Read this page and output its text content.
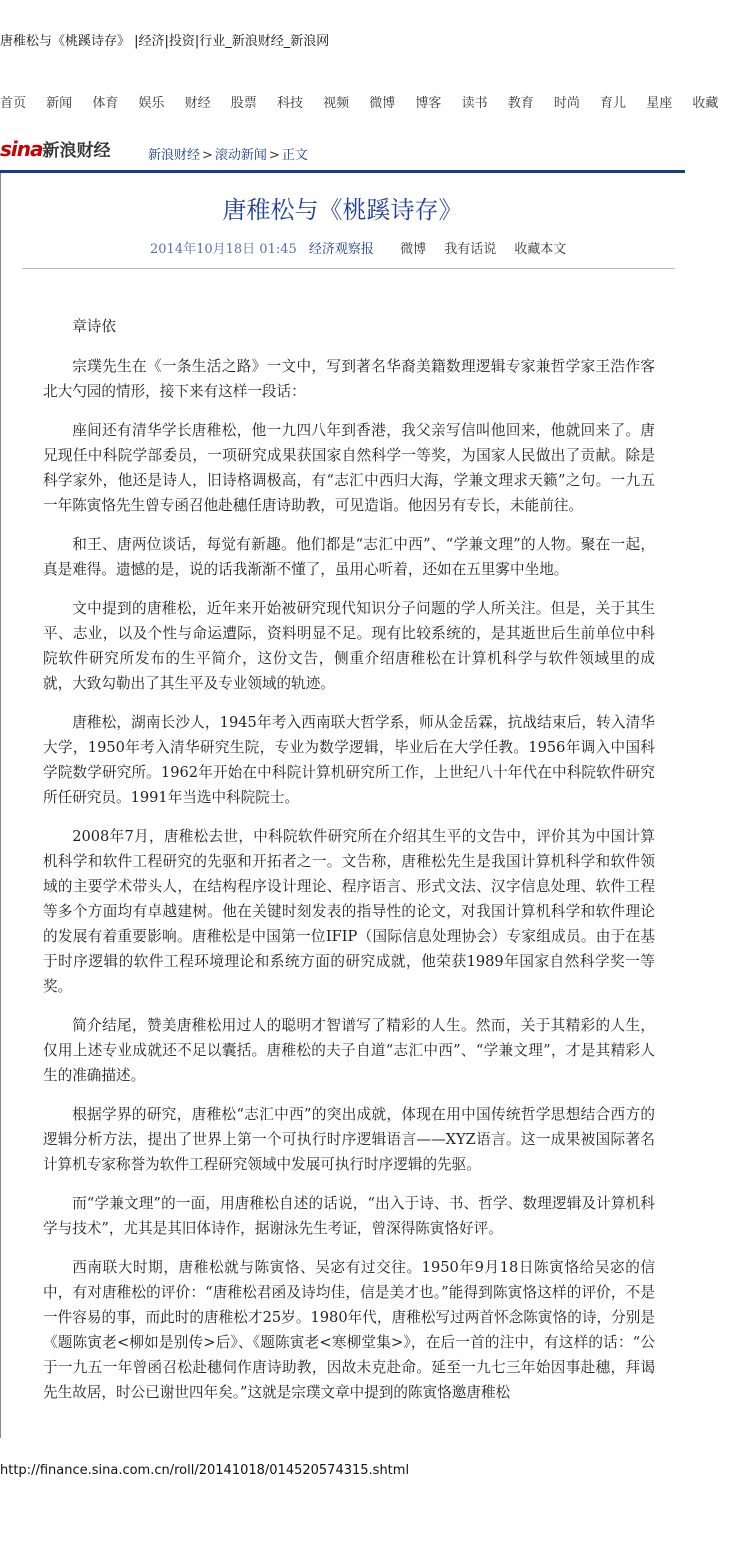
唐稚松与《桃蹊诗存》 |经济|投资|行业_新浪财经_新浪网
首页 新闻 体育 娱乐 财经 股票 科技 视频 微博 博客 读书 教育 时尚 育儿 星座 收藏
sina新浪财经	新浪财经 > 滚动新闻 > 正文
唐稚松与《桃蹊诗存》
2014年10月18日 01:45 经济观察报 微博 我有话说 收藏本文

章诗依

宗璞先生在《一条生活之路》一文中，写到著名华裔美籍数理逻辑专家兼哲学家王浩作客北大勺园的情形，接下来有这样一段话：

座间还有清华学长唐稚松，他一九四八年到香港，我父亲写信叫他回来，他就回来了。唐兄现任中科院学部委员，一项研究成果获国家自然科学一等奖，为国家人民做出了贡献。除是科学家外，他还是诗人，旧诗格调极高，有“志汇中西归大海，学兼文理求天籁”之句。一九五一年陈寅恪先生曾专函召他赴穗任唐诗助教，可见造诣。他因另有专长，未能前往。

和王、唐两位谈话，每觉有新趣。他们都是“志汇中西”、“学兼文理”的人物。聚在一起，真是难得。遗憾的是，说的话我渐渐不懂了，虽用心听着，还如在五里雾中坐地。

文中提到的唐稚松，近年来开始被研究现代知识分子问题的学人所关注。但是，关于其生平、志业，以及个性与命运遭际，资料明显不足。现有比较系统的，是其逝世后生前单位中科院软件研究所发布的生平简介，这份文告，侧重介绍唐稚松在计算机科学与软件领域里的成就，大致勾勒出了其生平及专业领域的轨迹。

唐稚松，湖南长沙人，1945年考入西南联大哲学系，师从金岳霖，抗战结束后，转入清华大学，1950年考入清华研究生院，专业为数学逻辑，毕业后在大学任教。1956年调入中国科学院数学研究所。1962年开始在中科院计算机研究所工作，上世纪八十年代在中科院软件研究所任研究员。1991年当选中科院院士。

2008年7月，唐稚松去世，中科院软件研究所在介绍其生平的文告中，评价其为中国计算机科学和软件工程研究的先驱和开拓者之一。文告称，唐稚松先生是我国计算机科学和软件领域的主要学术带头人，在结构程序设计理论、程序语言、形式文法、汉字信息处理、软件工程等多个方面均有卓越建树。他在关键时刻发表的指导性的论文，对我国计算机科学和软件理论的发展有着重要影响。唐稚松是中国第一位IFIP（国际信息处理协会）专家组成员。由于在基于时序逻辑的软件工程环境理论和系统方面的研究成就，他荣获1989年国家自然科学奖一等奖。

简介结尾，赞美唐稚松用过人的聪明才智谱写了精彩的人生。然而，关于其精彩的人生，仅用上述专业成就还不足以囊括。唐稚松的夫子自道“志汇中西”、“学兼文理”，才是其精彩人生的准确描述。

根据学界的研究，唐稚松“志汇中西”的突出成就，体现在用中国传统哲学思想结合西方的逻辑分析方法，提出了世界上第一个可执行时序逻辑语言——XYZ语言。这一成果被国际著名计算机专家称誉为软件工程研究领域中发展可执行时序逻辑的先驱。

而“学兼文理”的一面，用唐稚松自述的话说，“出入于诗、书、哲学、数理逻辑及计算机科学与技术”，尤其是其旧体诗作，据谢泳先生考证，曾深得陈寅恪好评。

西南联大时期，唐稚松就与陈寅恪、吴宓有过交往。1950年9月18日陈寅恪给吴宓的信中，有对唐稚松的评价：“唐稚松君函及诗均佳，信是美才也。”能得到陈寅恪这样的评价，不是一件容易的事，而此时的唐稚松才25岁。1980年代，唐稚松写过两首怀念陈寅恪的诗，分别是《题陈寅老<柳如是别传>后》、《题陈寅老<寒柳堂集>》，在后一首的注中，有这样的话：“公于一九五一年曾函召松赴穗伺作唐诗助教，因故未克赴命。延至一九七三年始因事赴穗，拜谒先生故居，时公已谢世四年矣。”这就是宗璞文章中提到的陈寅恪邀唐稚松

http://finance.sina.com.cn/roll/20141018/014520574315.shtml
